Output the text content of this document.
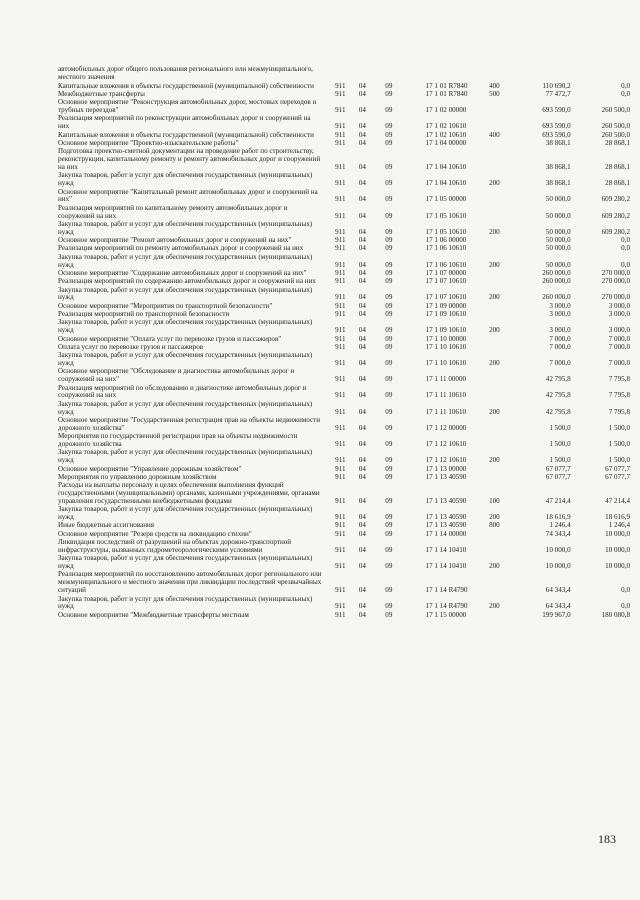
автомобильных дорог общего пользования регионального или межмуниципального, местного значения							
Капитальные вложения в объекты государственной (муниципальной) собственности	911	04	09	17 1 01 R7840	400	110 690,2	0,0
Межбюджетные трансферты	911	04	09	17 1 01 R7840	500	77 472,7	0,0
Основное мероприятие "Реконструкция автомобильных дорог, мостовых переходов и трубных переездов"	911	04	09	17 1 02 00000		693 590,0	260 500,0
Реализация мероприятий по реконструкции автомобильных дорог и сооружений на них	911	04	09	17 1 02 10610		693 590,0	260 500,0
Капитальные вложения в объекты государственной (муниципальной) собственности	911	04	09	17 1 02 10610	400	693 590,0	260 500,0
Основное мероприятие "Проектно-изыскательские работы"	911	04	09	17 1 04 00000		38 868,1	28 868,1
Подготовка проектно-сметной документации на проведение работ по строительству, реконструкции, капитальному ремонту и ремонту автомобильных дорог и сооружений на них	911	04	09	17 1 04 10610		38 868,1	28 868,1
Закупка товаров, работ и услуг для обеспечения государственных (муниципальных) нужд	911	04	09	17 1 04 10610	200	38 868,1	28 868,1
Основное мероприятие "Капитальный ремонт автомобильных дорог и сооружений на них"	911	04	09	17 1 05 00000		50 000,0	609 280,2
Реализация мероприятий по капитальному ремонту автомобильных дорог и сооружений на них	911	04	09	17 1 05 10610		50 000,0	609 280,2
Закупка товаров, работ и услуг для обеспечения государственных (муниципальных) нужд	911	04	09	17 1 05 10610	200	50 000,0	609 280,2
Основное мероприятие "Ремонт автомобильных дорог и сооружений на них"	911	04	09	17 1 06 00000		50 000,0	0,0
Реализация мероприятий по ремонту автомобильных дорог и сооружений на них	911	04	09	17 1 06 10610		50 000,0	0,0
Закупка товаров, работ и услуг для обеспечения государственных (муниципальных) нужд	911	04	09	17 1 06 10610	200	50 000,0	0,0
Основное мероприятие "Содержание автомобильных дорог и сооружений на них"	911	04	09	17 1 07 00000		260 000,0	270 000,0
Реализация мероприятий по содержанию автомобильных дорог и сооружений на них	911	04	09	17 1 07 10610		260 000,0	270 000,0
Закупка товаров, работ и услуг для обеспечения государственных (муниципальных) нужд	911	04	09	17 1 07 10610	200	260 000,0	270 000,0
Основное мероприятие "Мероприятия по транспортной безопасности"	911	04	09	17 1 09 00000		3 000,0	3 000,0
Реализация мероприятий по транспортной безопасности	911	04	09	17 1 09 10610		3 000,0	3 000,0
Закупка товаров, работ и услуг для обеспечения государственных (муниципальных) нужд	911	04	09	17 1 09 10610	200	3 000,0	3 000,0
Основное мероприятие "Оплата услуг по перевозке грузов и пассажиров"	911	04	09	17 1 10 00000		7 000,0	7 000,0
Оплата услуг по перевозке грузов и пассажиров	911	04	09	17 1 10 10610		7 000,0	7 000,0
Закупка товаров, работ и услуг для обеспечения государственных (муниципальных) нужд	911	04	09	17 1 10 10610	200	7 000,0	7 000,0
Основное мероприятие "Обследование и диагностика автомобильных дорог и сооружений на них"	911	04	09	17 1 11 00000		42 795,8	7 795,8
Реализация мероприятий по обследованию и диагностике автомобильных дорог и сооружений на них	911	04	09	17 1 11 10610		42 795,8	7 795,8
Закупка товаров, работ и услуг для обеспечения государственных (муниципальных) нужд	911	04	09	17 1 11 10610	200	42 795,8	7 795,8
Основное мероприятие "Государственная регистрация прав на объекты недвижимости дорожного хозяйства"	911	04	09	17 1 12 00000		1 500,0	1 500,0
Мероприятия по государственной регистрации прав на объекты недвижимости дорожного хозяйства	911	04	09	17 1 12 10610		1 500,0	1 500,0
Закупка товаров, работ и услуг для обеспечения государственных (муниципальных) нужд	911	04	09	17 1 12 10610	200	1 500,0	1 500,0
Основное мероприятие "Управление дорожным хозяйством"	911	04	09	17 1 13 00000		67 077,7	67 077,7
Мероприятия по управлению дорожным хозяйством	911	04	09	17 1 13 40590		67 077,7	67 077,7
Расходы на выплаты персоналу в целях обеспечения выполнения функций государственными (муниципальными) органами, казенными учреждениями, органами управления государственными внебюджетными фондами	911	04	09	17 1 13 40590	100	47 214,4	47 214,4
Закупка товаров, работ и услуг для обеспечения государственных (муниципальных) нужд	911	04	09	17 1 13 40590	200	18 616,9	18 616,9
Иные бюджетные ассигнования	911	04	09	17 1 13 40590	800	1 246,4	1 246,4
Основное мероприятие "Резерв средств на ликвидацию стихии"	911	04	09	17 1 14 00000		74 343,4	10 000,0
Ликвидация последствий от разрушений на объектах дорожно-транспортной инфраструктуры, вызванных гидрометеорологическими условиями	911	04	09	17 1 14 10410		10 000,0	10 000,0
Закупка товаров, работ и услуг для обеспечения государственных (муниципальных) нужд	911	04	09	17 1 14 10410	200	10 000,0	10 000,0
Реализация мероприятий по восстановлению автомобильных дорог регионального или межмуниципального и местного значения при ликвидации последствий чрезвычайных ситуаций	911	04	09	17 1 14 R4790		64 343,4	0,0
Закупка товаров, работ и услуг для обеспечения государственных (муниципальных) нужд	911	04	09	17 1 14 R4790	200	64 343,4	0,0
Основное мероприятие "Межбюджетные трансферты местным	911	04	09	17 1 15 00000		199 967,0	180 080,8
183
